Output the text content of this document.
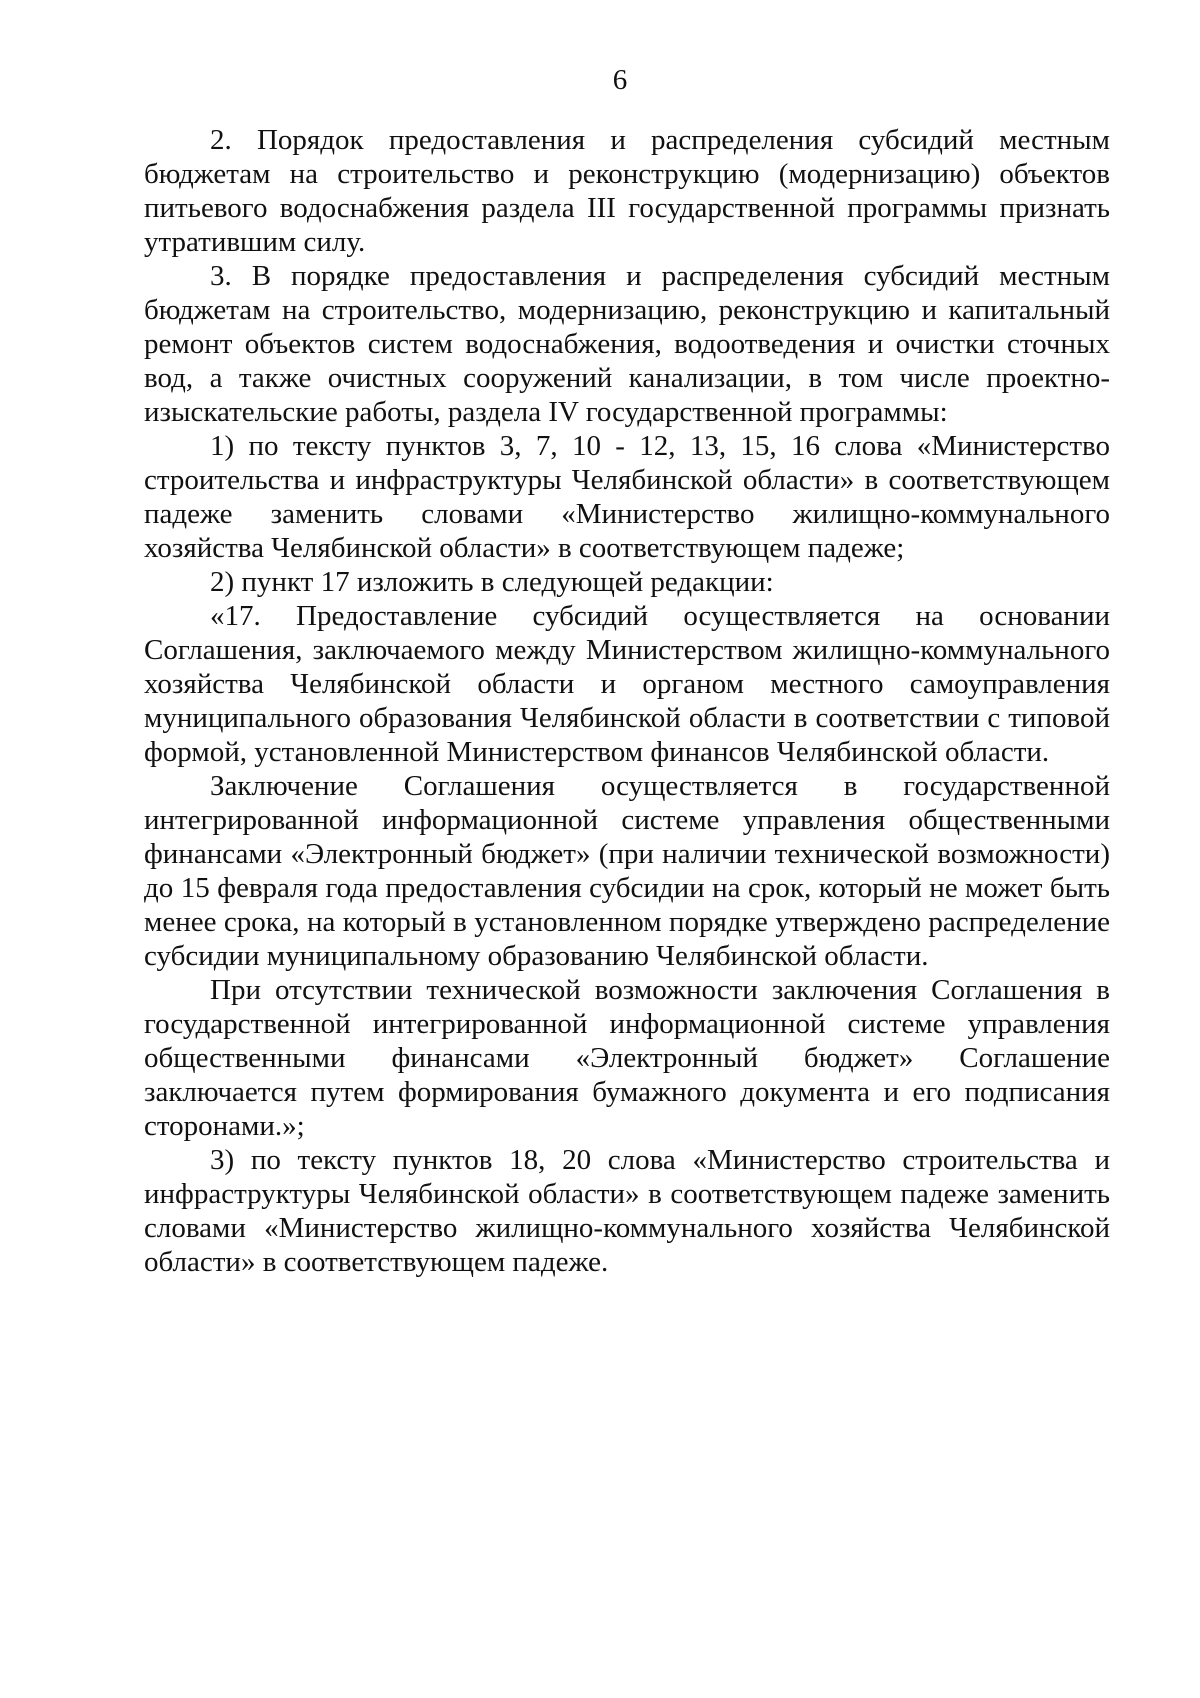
6

2. Порядок предоставления и распределения субсидий местным бюджетам на строительство и реконструкцию (модернизацию) объектов питьевого водоснабжения раздела III государственной программы признать утратившим силу.

3. В порядке предоставления и распределения субсидий местным бюджетам на строительство, модернизацию, реконструкцию и капитальный ремонт объектов систем водоснабжения, водоотведения и очистки сточных вод, а также очистных сооружений канализации, в том числе проектно-изыскательские работы, раздела IV государственной программы:

1) по тексту пунктов 3, 7, 10 - 12, 13, 15, 16 слова «Министерство строительства и инфраструктуры Челябинской области» в соответствующем падеже заменить словами «Министерство жилищно-коммунального хозяйства Челябинской области» в соответствующем падеже;

2) пункт 17 изложить в следующей редакции:

«17. Предоставление субсидий осуществляется на основании Соглашения, заключаемого между Министерством жилищно-коммунального хозяйства Челябинской области и органом местного самоуправления муниципального образования Челябинской области в соответствии с типовой формой, установленной Министерством финансов Челябинской области.

Заключение Соглашения осуществляется в государственной интегрированной информационной системе управления общественными финансами «Электронный бюджет» (при наличии технической возможности) до 15 февраля года предоставления субсидии на срок, который не может быть менее срока, на который в установленном порядке утверждено распределение субсидии муниципальному образованию Челябинской области.

При отсутствии технической возможности заключения Соглашения в государственной интегрированной информационной системе управления общественными финансами «Электронный бюджет» Соглашение заключается путем формирования бумажного документа и его подписания сторонами.»;

3) по тексту пунктов 18, 20 слова «Министерство строительства и инфраструктуры Челябинской области» в соответствующем падеже заменить словами «Министерство жилищно-коммунального хозяйства Челябинской области» в соответствующем падеже.
